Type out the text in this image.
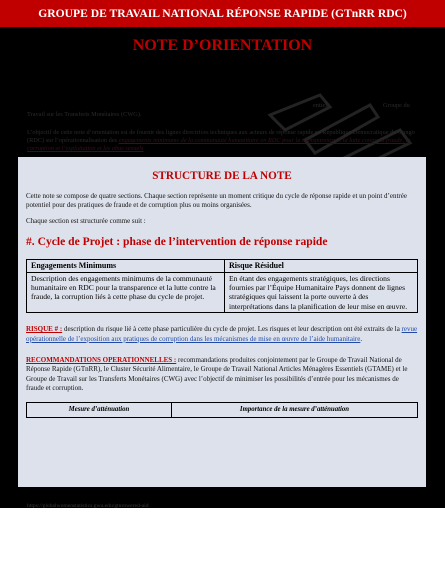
GROUPE DE TRAVAIL NATIONAL RÉPONSE RAPIDE (GTnRR RDC)
NOTE D’ORIENTATION
entiel	Groupe du
Travail sur les Transferts Monétaires (CWG).
L’objectif de cette note d’orientation est de fournir des lignes directrices techniques aux acteurs de réponse rapide en République Démocratique du Congo (RDC) sur l’opérationnalisation des engagements minimums de la communauté humanitaire en RDC pour la transparence et la lutte contre la fraude, la corruption et l’exploitation et les abus sexuels
STRUCTURE DE LA NOTE

Cette note se compose de quatre sections. Chaque section représente un moment critique du cycle de réponse rapide et un point d’entrée potentiel pour des pratiques de fraude et de corruption plus ou moins organisées.

Chaque section est structurée comme suit :

#. Cycle de Projet : phase de l’intervention de réponse rapide
Engagements Minimums	Risque Résiduel
Description des engagements minimums de la communauté humanitaire en RDC pour la transparence et la lutte contre la fraude, la corruption liés à cette phase du cycle de projet.	En étant des engagements stratégiques, les directions fournies par l’Équipe Humanitaire Pays donnent de lignes stratégiques qui laissent la porte ouverte à des interprétations dans la planification de leur mise en œuvre.

RISQUE # : description du risque lié à cette phase particulière du cycle de projet. Les risques et leur description ont été extraits de la revue opérationnelle de l’exposition aux pratiques de corruption dans les mécanismes de mise en œuvre de l’aide humanitaire.

RECOMMANDATIONS OPERATIONNELLES : recommandations produites conjointement par le Groupe de Travail National de Réponse Rapide (GTnRR), le Cluster Sécurité Alimentaire, le Groupe de Travail National Articles Ménagères Essentiels (GTAME) et le Groupe de Travail sur les Transferts Monétaires (CWG) avec l’objectif de minimiser les possibilités d’entrée pour les mécanismes de fraude et corruption.

Mesure d’atténuation	Importance de la mesure d’atténuation
https://globalwomenstatistics.gwu.edu/gtnrowered-aid
